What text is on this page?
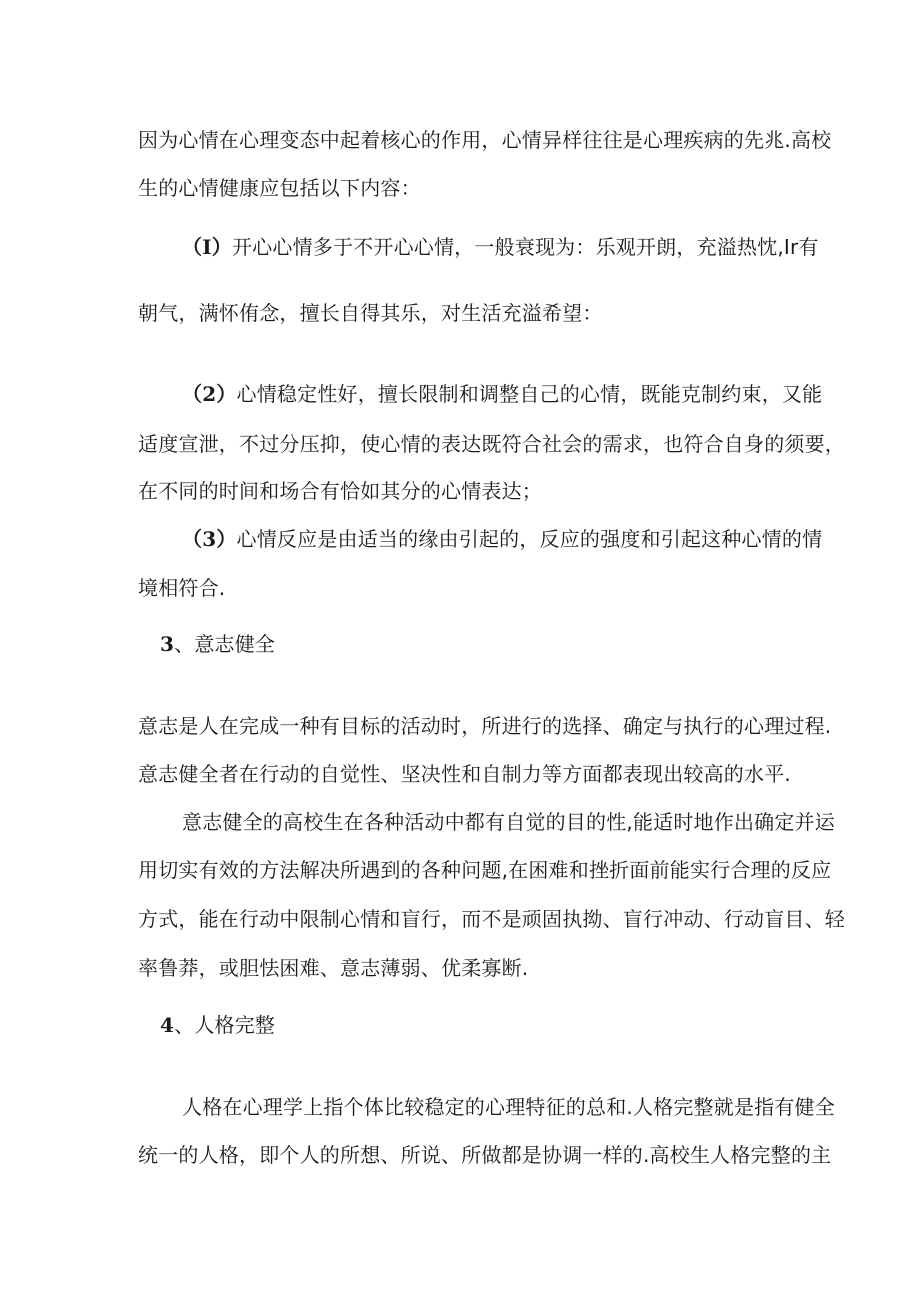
因为心情在心理变态中起着核心的作用，心情异样往往是心理疾病的先兆.高校
生的心情健康应包括以下内容：
（I）开心心情多于不开心心情，一般衰现为：乐观开朗，充溢热忱,Ir有
朝气，满怀侑念，擅长自得其乐，对生活充溢希望：
（2）心情稳定性好，擅长限制和调整自己的心情，既能克制约束，又能
适度宣泄，不过分压抑，使心情的表达既符合社会的需求，也符合自身的须要，
在不同的时间和场合有恰如其分的心情表达；
（3）心情反应是由适当的缘由引起的，反应的强度和引起这种心情的情
境相符合.
3、意志健全
意志是人在完成一种有目标的活动时，所进行的选择、确定与执行的心理过程.
意志健全者在行动的自觉性、坚决性和自制力等方面都表现出较高的水平.
意志健全的高校生在各种活动中都有自觉的目的性,能适时地作出确定并运
用切实有效的方法解决所遇到的各种问题,在困难和挫折面前能实行合理的反应
方式，能在行动中限制心情和盲行，而不是顽固执拗、盲行冲动、行动盲目、轻
率鲁莽，或胆怯困难、意志薄弱、优柔寡断.
4、人格完整
人格在心理学上指个体比较稳定的心理特征的总和.人格完整就是指有健全
统一的人格，即个人的所想、所说、所做都是协调一样的.高校生人格完整的主
